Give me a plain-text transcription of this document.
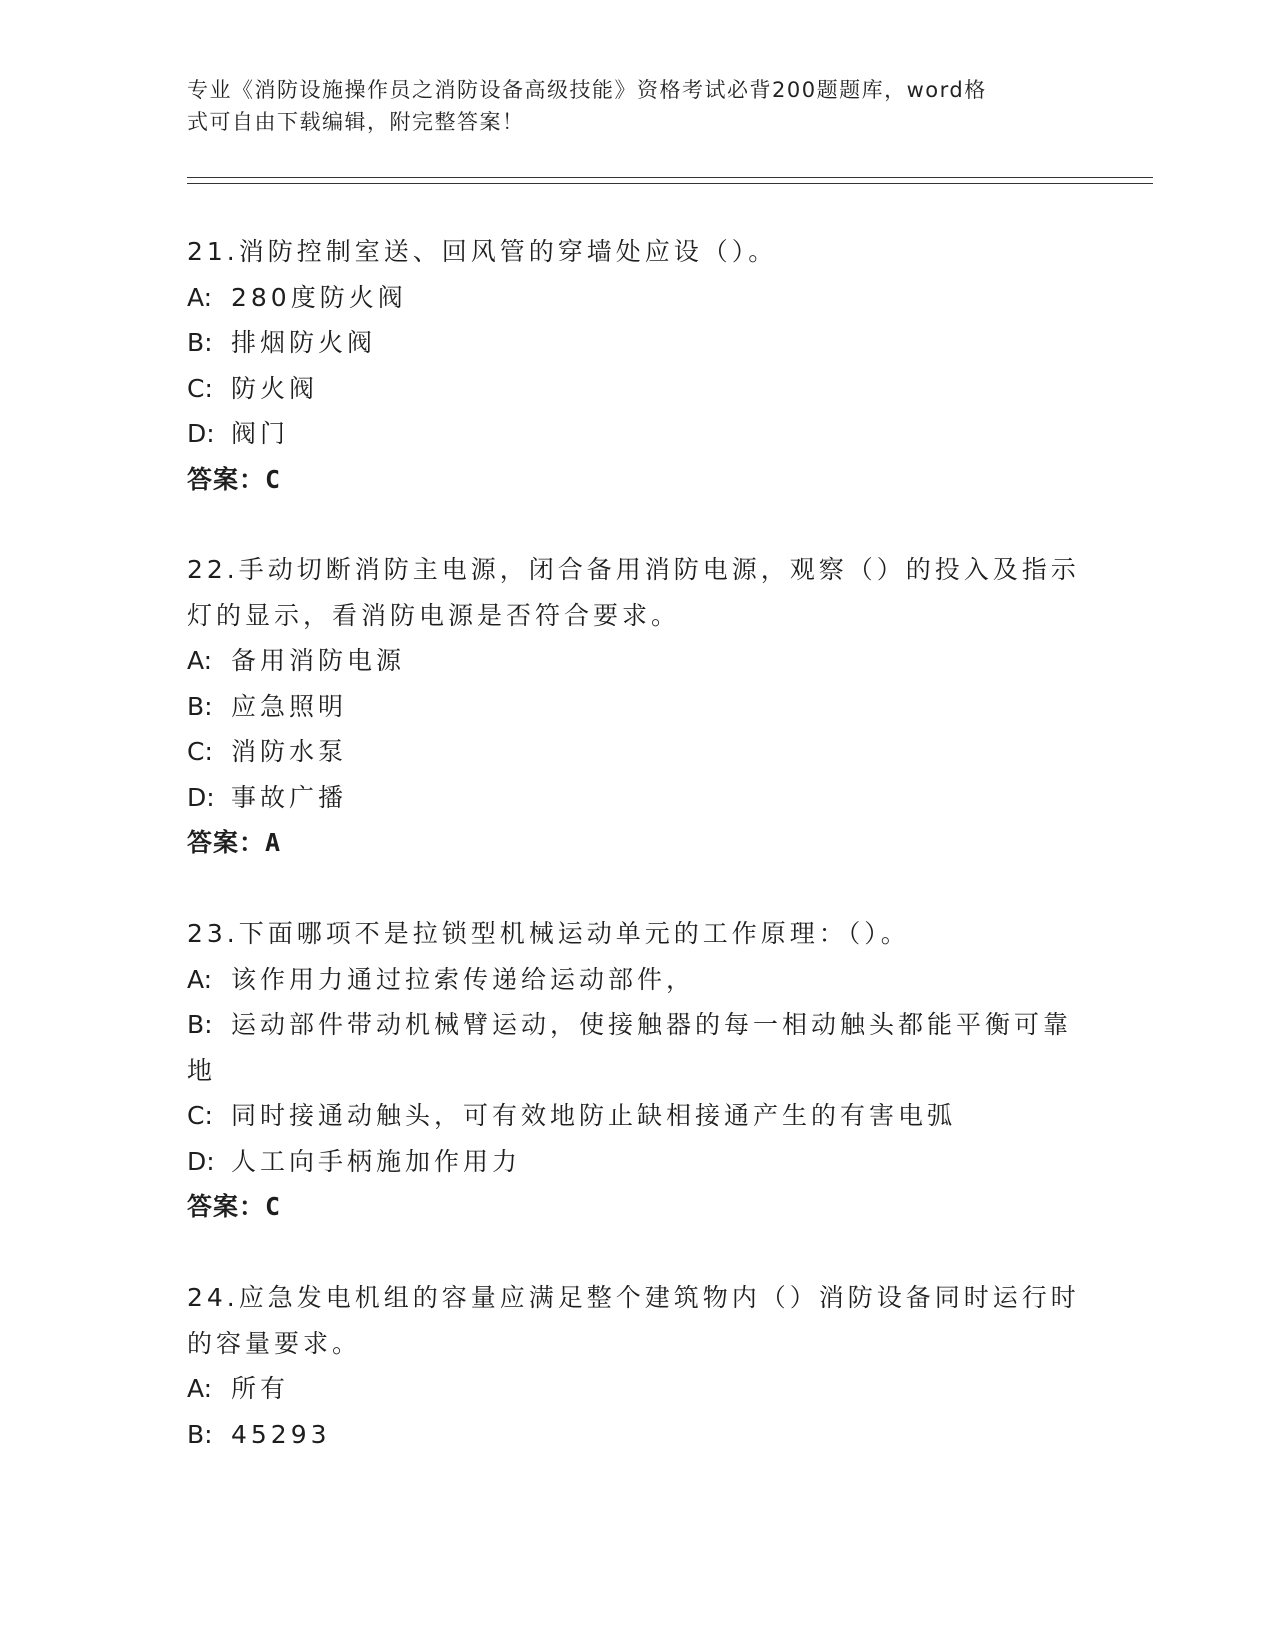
专业《消防设施操作员之消防设备高级技能》资格考试必背200题题库，word格
式可自由下载编辑，附完整答案！
21.消防控制室送、回风管的穿墙处应设（）。
A: 280度防火阀
B: 排烟防火阀
C: 防火阀
D: 阀门
答案：C
22.手动切断消防主电源，闭合备用消防电源，观察（）的投入及指示
灯的显示，看消防电源是否符合要求。
A: 备用消防电源
B: 应急照明
C: 消防水泵
D: 事故广播
答案：A
23.下面哪项不是拉锁型机械运动单元的工作原理：（）。
A: 该作用力通过拉索传递给运动部件，
B: 运动部件带动机械臂运动，使接触器的每一相动触头都能平衡可靠
地
C: 同时接通动触头，可有效地防止缺相接通产生的有害电弧
D: 人工向手柄施加作用力
答案：C
24.应急发电机组的容量应满足整个建筑物内（）消防设备同时运行时
的容量要求。
A: 所有
B: 45293
